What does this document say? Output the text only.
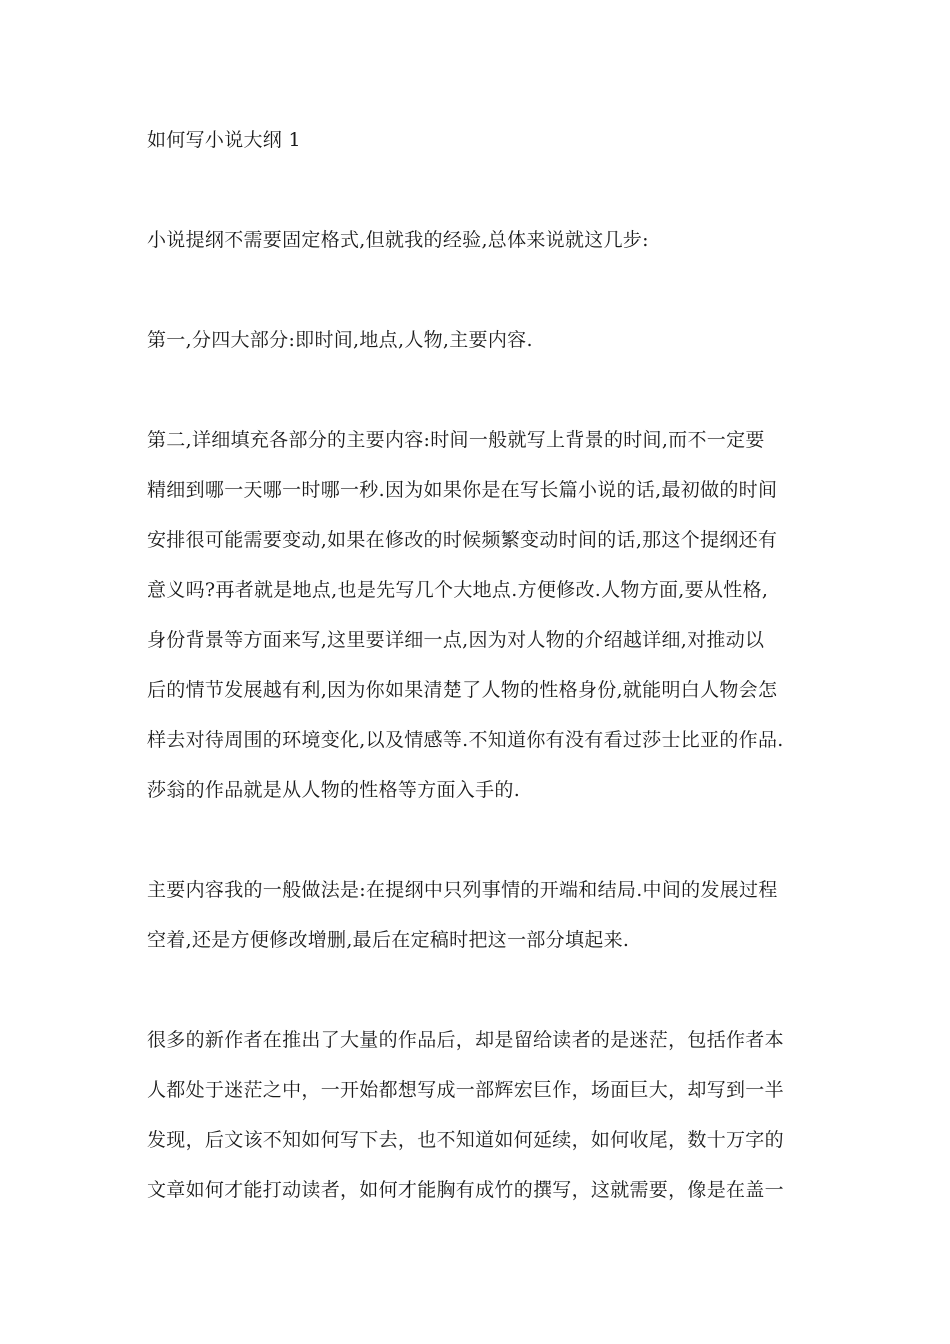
如何写小说大纲 1
小说提纲不需要固定格式,但就我的经验,总体来说就这几步:
第一,分四大部分:即时间,地点,人物,主要内容.
第二,详细填充各部分的主要内容:时间一般就写上背景的时间,而不一定要
精细到哪一天哪一时哪一秒.因为如果你是在写长篇小说的话,最初做的时间
安排很可能需要变动,如果在修改的时候频繁变动时间的话,那这个提纲还有
意义吗?再者就是地点,也是先写几个大地点.方便修改.人物方面,要从性格,
身份背景等方面来写,这里要详细一点,因为对人物的介绍越详细,对推动以
后的情节发展越有利,因为你如果清楚了人物的性格身份,就能明白人物会怎
样去对待周围的环境变化,以及情感等.不知道你有没有看过莎士比亚的作品.
莎翁的作品就是从人物的性格等方面入手的.
主要内容我的一般做法是:在提纲中只列事情的开端和结局.中间的发展过程
空着,还是方便修改增删,最后在定稿时把这一部分填起来.
很多的新作者在推出了大量的作品后，却是留给读者的是迷茫，包括作者本
人都处于迷茫之中，一开始都想写成一部辉宏巨作，场面巨大，却写到一半
发现，后文该不知如何写下去，也不知道如何延续，如何收尾，数十万字的
文章如何才能打动读者，如何才能胸有成竹的撰写，这就需要，像是在盖一
